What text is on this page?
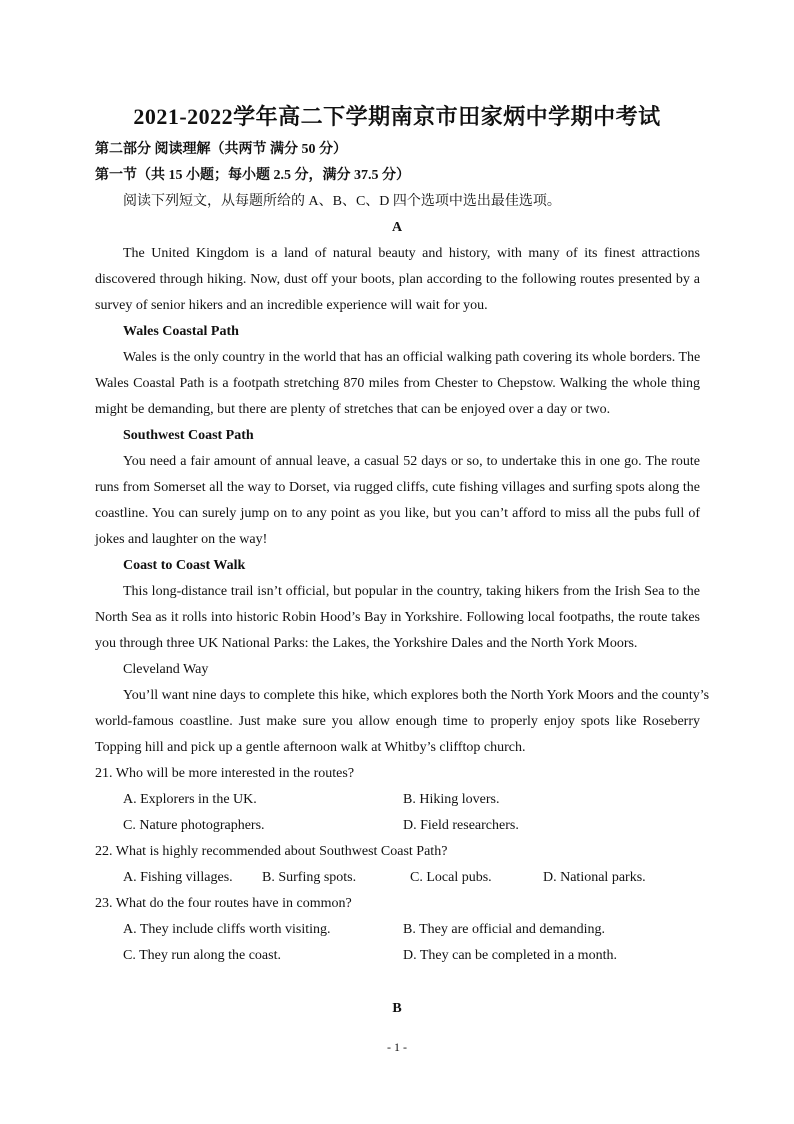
2021-2022学年高二下学期南京市田家炳中学期中考试
第二部分 阅读理解（共两节 满分 50 分）
第一节（共 15 小题；每小题 2.5 分，满分 37.5 分）
阅读下列短文，从每题所给的 A、B、C、D 四个选项中选出最佳选项。
A
The United Kingdom is a land of natural beauty and history, with many of its finest attractions
discovered through hiking. Now, dust off your boots, plan according to the following routes presented by a
survey of senior hikers and an incredible experience will wait for you.
Wales Coastal Path
Wales is the only country in the world that has an official walking path covering its whole borders. The
Wales Coastal Path is a footpath stretching 870 miles from Chester to Chepstow. Walking the whole thing
might be demanding, but there are plenty of stretches that can be enjoyed over a day or two.
Southwest Coast Path
You need a fair amount of annual leave, a casual 52 days or so, to undertake this in one go. The route
runs from Somerset all the way to Dorset, via rugged cliffs, cute fishing villages and surfing spots along the
coastline. You can surely jump on to any point as you like, but you can’t afford to miss all the pubs full of
jokes and laughter on the way!
Coast to Coast Walk
This long-distance trail isn’t official, but popular in the country, taking hikers from the Irish Sea to the
North Sea as it rolls into historic Robin Hood’s Bay in Yorkshire. Following local footpaths, the route takes
you through three UK National Parks: the Lakes, the Yorkshire Dales and the North York Moors.
Cleveland Way
You’ll want nine days to complete this hike, which explores both the North York Moors and the county’s
world-famous coastline. Just make sure you allow enough time to properly enjoy spots like Roseberry
Topping hill and pick up a gentle afternoon walk at Whitby’s clifftop church.
21. Who will be more interested in the routes?
A. Explorers in the UK.	B. Hiking lovers.
C. Nature photographers.	D. Field researchers.
22. What is highly recommended about Southwest Coast Path?
A. Fishing villages. B. Surfing spots.	C. Local pubs.	D. National parks.
23. What do the four routes have in common?
A. They include cliffs worth visiting.	B. They are official and demanding.
C. They run along the coast.	D. They can be completed in a month.
B
- 1 -
